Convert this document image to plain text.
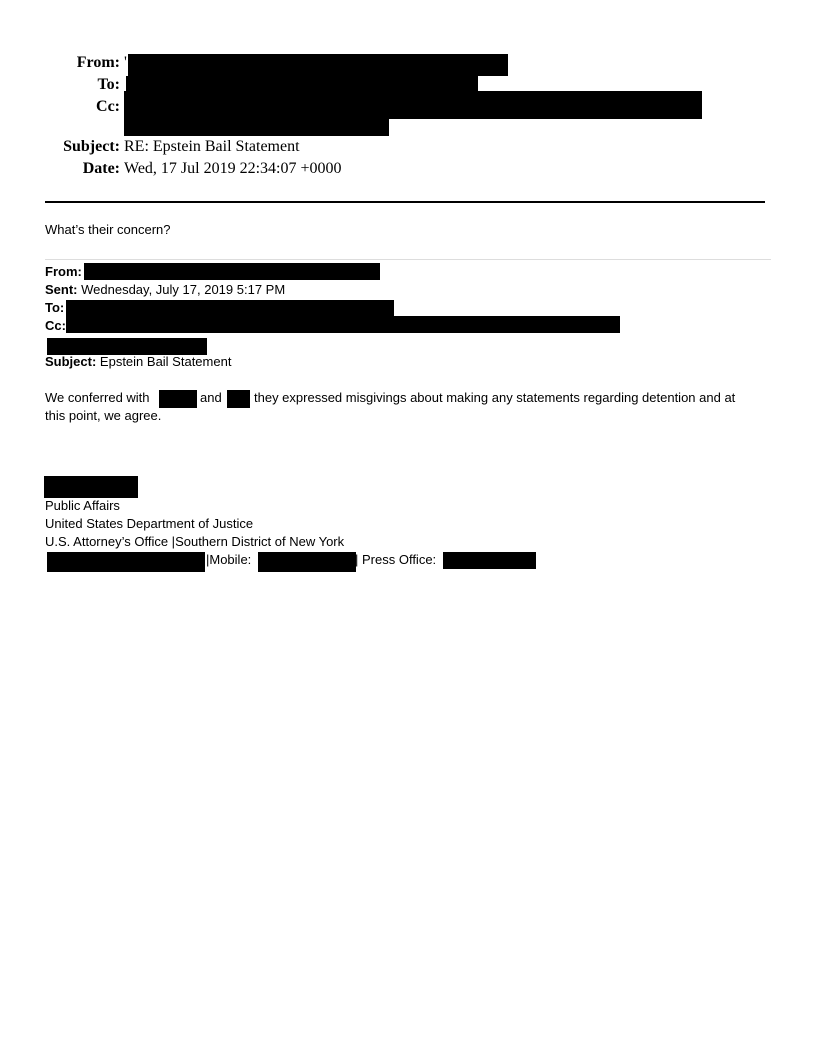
From: '
To:
Cc:
Subject: RE: Epstein Bail Statement
Date: Wed, 17 Jul 2019 22:34:07 +0000
What’s their concern?
From:
Sent: Wednesday, July 17, 2019 5:17 PM
To:
Cc:
Subject: Epstein Bail Statement
We conferred with	and they expressed misgivings about making any statements regarding detention and at
this point, we agree.
Public Affairs
United States Department of Justice
U.S. Attorney’s Office |Southern District of New York
|Mobile:	| Press Office:
